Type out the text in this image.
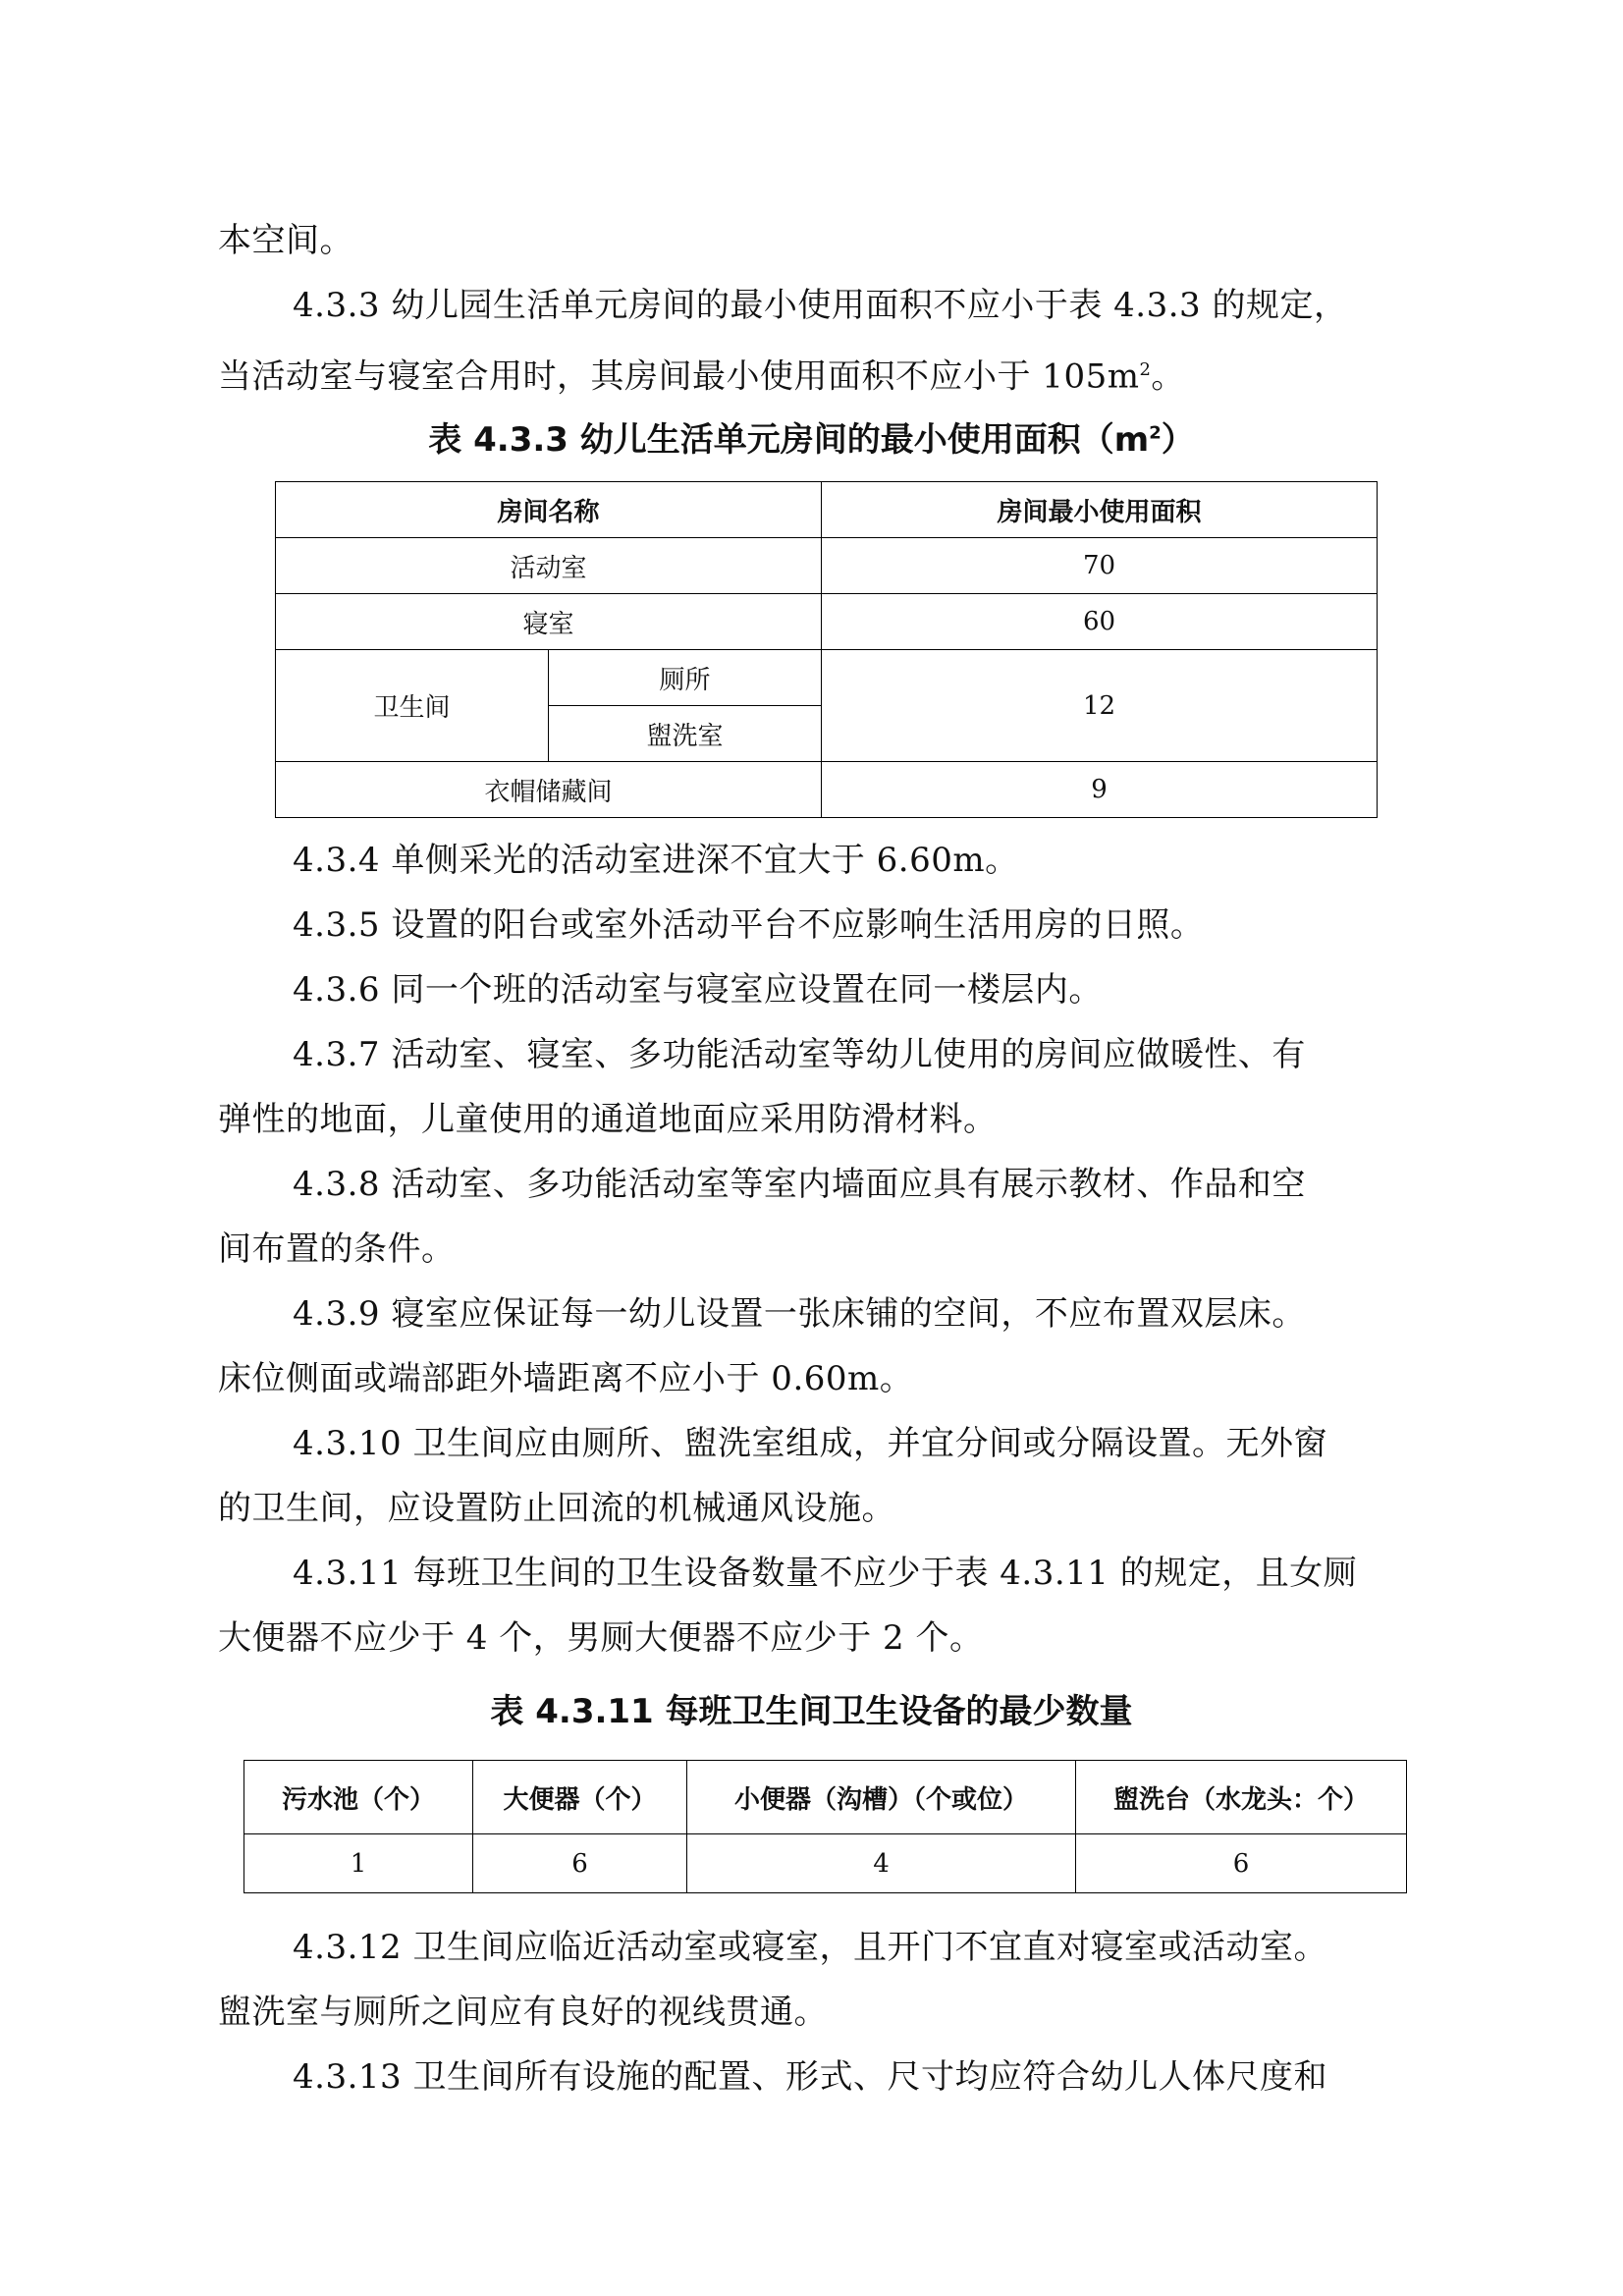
本空间。

4.3.3 幼儿园生活单元房间的最小使用面积不应小于表 4.3.3 的规定，

当活动室与寝室合用时，其房间最小使用面积不应小于 $105m^2$。

表 4.3.3 幼儿生活单元房间的最小使用面积$(m^2)$

房间名称		房间最小使用面积
活动室		70
寝室		60
卫生间	厕所	12
	盥洗室	
衣帽储藏间		9

4.3.4 单侧采光的活动室进深不宜大于 6.60m。

4.3.5 设置的阳台或室外活动平台不应影响生活用房的日照。

4.3.6 同一个班的活动室与寝室应设置在同一楼层内。

4.3.7 活动室、寝室、多功能活动室等幼儿使用的房间应做暖性、有

弹性的地面，儿童使用的通道地面应采用防滑材料。

4.3.8 活动室、多功能活动室等室内墙面应具有展示教材、作品和空

间布置的条件。

4.3.9 寝室应保证每一幼儿设置一张床铺的空间，不应布置双层床。

床位侧面或端部距外墙距离不应小于 0.60m。

4.3.10 卫生间应由厕所、盥洗室组成，并宜分间或分隔设置。无外窗

的卫生间，应设置防止回流的机械通风设施。

4.3.11 每班卫生间的卫生设备数量不应少于表 4.3.11 的规定，且女厕

大便器不应少于 4 个，男厕大便器不应少于 2 个。

表 4.3.11 每班卫生间卫生设备的最少数量

污水池（个）	大便器（个）	小便器（沟槽）（个或位）	盥洗台（水龙头：个）
1	6	4	6

4.3.12 卫生间应临近活动室或寝室，且开门不宜直对寝室或活动室。

盥洗室与厕所之间应有良好的视线贯通。

4.3.13 卫生间所有设施的配置、形式、尺寸均应符合幼儿人体尺度和
